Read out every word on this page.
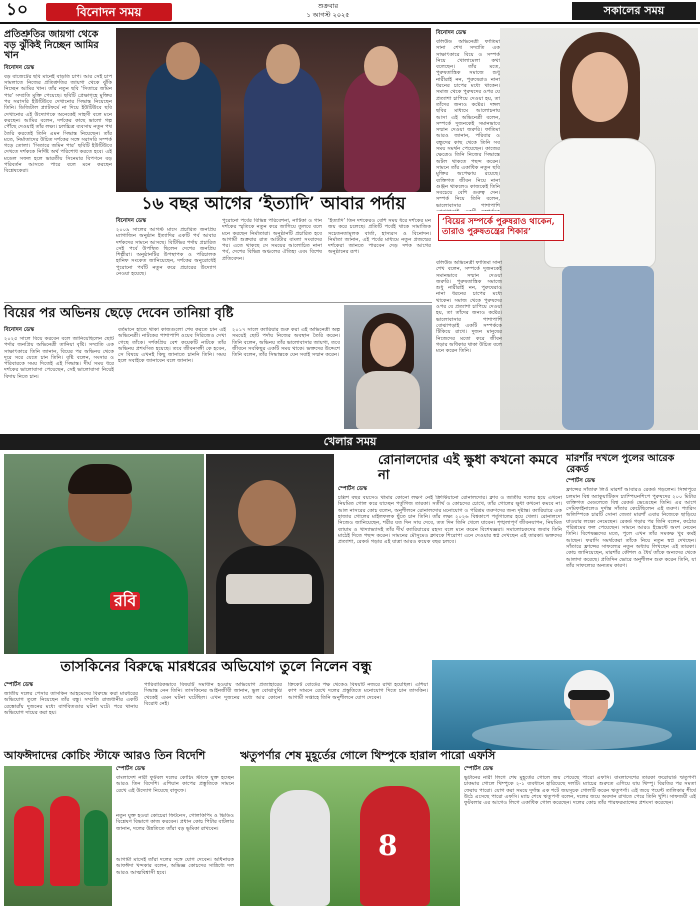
১০	বিনোদন সময়	শুক্রবার
১ আগস্ট ২০২৫	সকালের সময়
প্রতিশ্রুতির জায়গা থেকে বড় ঝুঁকিই নিচ্ছেন আমির খান
বিনোদন ডেস্ক
বড় বাজেটের ছবি মানেই বাড়তি চাপ। আর সেই চাপ সামলাতে নিজের প্রতিশ্রুতির জায়গা থেকে ঝুঁকি নিচ্ছেন আমির খান। তাঁর নতুন ছবি ‘সিতারে জমিন পার’ সম্প্রতি মুক্তি পেয়েছে। ছবিটি প্রেক্ষাগৃহে মুক্তির পর সরাসরি ইউটিউবে দেখানোর সিদ্ধান্ত নিয়েছেন তিনি। ডিজিটাল প্ল্যাটফর্মে না দিয়ে ইউটিউবে ছবি দেখানোর এই উদ্যোগকে অনেকেই সাহসী বলে মনে করছেন। আমির বলেন, দর্শকের কাছে ভালো গল্প পৌঁছে দেওয়াই তাঁর লক্ষ্য। চলচ্চিত্র ব্যবসায় নতুন পথ তৈরি করতেই তিনি এমন সিদ্ধান্ত নিয়েছেন। তাঁর মতে, নির্মাতাদের উচিত দর্শকের সঙ্গে সরাসরি সম্পর্ক গড়ে তোলা। ‘সিতারে জমিন পার’ ছবিটি ইউটিউবে দেখতে দর্শককে নির্দিষ্ট অর্থ পরিশোধ করতে হবে। এই মডেল সফল হলে ভারতীয় সিনেমার বিপণনে বড় পরিবর্তন আসতে পারে বলে মনে করছেন বিশ্লেষকেরা।
১৬ বছর আগের ‘ইত্যাদি’ আবার পর্দায়
বিনোদন ডেস্ক
২০০৯ সালের আগস্ট মাসে প্রচারিত জনপ্রিয় ম্যাগাজিন অনুষ্ঠান ইত্যাদির একটি পর্ব আবার দর্শকদের সামনে আসছে। বিটিভির পর্দায় প্রচারিত সেই পর্বে উপস্থিত ছিলেন দেশের জনপ্রিয় শিল্পীরা। অনুষ্ঠানটির উপস্থাপক ও পরিচালক হানিফ সংকেত জানিয়েছেন, দর্শকের অনুরোধেই পুরোনো পর্বটি নতুন করে প্রচারের উদ্যোগ নেওয়া হয়েছে।
পুরোনো পর্বের বিভিন্ন পরিবেশনা, নাটিকা ও গান দর্শকের স্মৃতিকে নতুন করে জাগিয়ে তুলবে বলে মনে করছেন নির্মাতারা। অনুষ্ঠানটি প্রচারিত হবে আগামী শুক্রবার রাত আটটার বাংলা সংবাদের পর। এতে থাকছে সে সময়ের আলোচিত নানা পর্ব, দেশের বিভিন্ন অঞ্চলের ঐতিহ্য এবং বিশেষ প্রতিবেদন।
‘ইত্যাদি’ তিন দশকেরও বেশি সময় ধরে দর্শকের মন জয় করে চলেছে। প্রতিটি পর্বেই থাকে সামাজিক সচেতনতামূলক বার্তা, হাস্যরস ও বিনোদন। নির্মাতা জানান, এই পর্বের মাধ্যমে নতুন প্রজন্মের দর্শকেরা জানতে পারবেন দেড় দশক আগের অনুষ্ঠানের রূপ।
বিনোদন ডেস্ক
বলিউড অভিনেত্রী ফাতিমা সানা শেখ সম্প্রতি এক সাক্ষাৎকারে বিয়ে ও সম্পর্ক নিয়ে খোলামেলা কথা বলেছেন। তাঁর মতে, পুরুষতান্ত্রিক সমাজে শুধু নারীরাই নন, পুরুষেরাও নানা ধরনের চাপের মধ্যে থাকেন। সমাজ থেকে পুরুষদের ওপর যে প্রত্যাশা চাপিয়ে দেওয়া হয়, তা তাঁদের জন্যও কষ্টের। দঙ্গল ছবির মাধ্যমে আলোচনায় আসা এই অভিনেত্রী বলেন, সম্পর্কে দুজনকেই সমানভাবে সম্মান দেওয়া জরুরি। ফাতিমা আরও জানান, পরিবার ও বন্ধুদের কাছ থেকে তিনি সব সময় সমর্থন পেয়েছেন। কাজের ক্ষেত্রেও তিনি নিজের সিদ্ধান্তে অটল থাকতে পছন্দ করেন। সামনে তাঁর একাধিক নতুন ছবি মুক্তির অপেক্ষায় রয়েছে। ব্যক্তিগত জীবন নিয়ে নানা গুঞ্জন থাকলেও কাজকেই তিনি সবচেয়ে বেশি গুরুত্ব দেন। সম্পর্ক নিয়ে তিনি বলেন, ভালোবাসার পাশাপাশি
‘বিয়ের সম্পর্কে পুরুষরাও থাকেন, তারাও পুরুষতন্ত্রের শিকার’
বলিউড অভিনেত্রী ফাতিমা সানা শেখ বলেন, সম্পর্কে দুজনকেই সমানভাবে সম্মান দেওয়া জরুরি। পুরুষতান্ত্রিক সমাজে শুধু নারীরাই নন, পুরুষেরাও নানা ধরনের চাপের মধ্যে থাকেন। সমাজ থেকে পুরুষদের ওপর যে প্রত্যাশা চাপিয়ে দেওয়া হয়, তা তাঁদের জন্যও কষ্টের। ভালোবাসার পাশাপাশি বোঝাপড়াই একটি সম্পর্ককে টিকিয়ে রাখে। দুজন মানুষের নিজেদের মতো করে জীবন গড়ার অধিকার থাকা উচিত বলে মনে করেন তিনি।
বিয়ের পর অভিনয় ছেড়ে দেবেন তানিয়া বৃষ্টি
বিনোদন ডেস্ক
২০২৫ সালে বিয়ে করবেন বলে জানিয়েছিলেন ছোট পর্দার জনপ্রিয় অভিনেত্রী তানিয়া বৃষ্টি। সম্প্রতি এক সাক্ষাৎকারে তিনি জানান, বিয়ের পর অভিনয় থেকে দূরে সরে যেতে চান তিনি। বৃষ্টি বলেন, সংসার ও পরিবারকে সময় দিতেই এই সিদ্ধান্ত। দীর্ঘ সময় ধরে দর্শকের ভালোবাসা পেয়েছেন, সেই ভালোবাসা নিয়েই বিদায় নিতে চান।
বর্তমানে হাতে থাকা কাজগুলো শেষ করতে চান এই অভিনেত্রী। নাটকের পাশাপাশি ওয়েব সিরিজেও দেখা গেছে তাঁকে। দর্শকপ্রিয় বেশ কয়েকটি নাটকে তাঁর অভিনয় প্রশংসিত হয়েছে। তবে জীবনসঙ্গী কে হবেন, সে বিষয়ে এখনই কিছু জানাতে চাননি তিনি। সময় হলে সবাইকে জানাবেন বলে জানান।
২০১৭ সালে ক্যারিয়ার শুরু করা এই অভিনেত্রী অল্প সময়েই ছোট পর্দায় নিজের অবস্থান তৈরি করেন। তিনি বলেন, অভিনয় তাঁর ভালোবাসার জায়গা, তবে জীবনে সবকিছুর একটি সময় থাকে। ভক্তদের উদ্দেশে তিনি বলেন, তাঁর সিদ্ধান্তকে যেন সবাই সম্মান করেন।
খেলার সময়
রবি
রোনালদোর এই ক্ষুধা কখনো কমবে না
স্পোর্টস ডেস্ক
চল্লিশ বছর বয়সেও থামার কোনো লক্ষণ নেই ক্রিস্টিয়ানো রোনালদোর। ক্লাব ও জাতীয় দলের হয়ে এখনো নিয়মিত গোল করে যাচ্ছেন পর্তুগিজ তারকা। সতীর্থ ও কোচদের চোখে, তাঁর গোলের ক্ষুধা কখনো কমবে না। আল নাসরের কোচ বলেন, অনুশীলনে রোনালদোর মনোযোগ ও পরিশ্রম তরুণদের জন্য দৃষ্টান্ত। ক্যারিয়ারে এক হাজার গোলের মাইলফলক ছুঁতে চান তিনি। তাঁর লক্ষ্য ২০২৬ বিশ্বকাপে পর্তুগালের হয়ে খেলা। রোনালদো নিজেও জানিয়েছেন, শরীর যত দিন সায় দেবে, তত দিন তিনি খেলে যাবেন। শৃঙ্খলাপূর্ণ জীবনযাপন, নিয়মিত ব্যায়াম ও খাদ্যাভ্যাসই তাঁর দীর্ঘ ক্যারিয়ারের রহস্য বলে মনে করেন বিশেষজ্ঞরা। সমালোচকদের জবাব তিনি মাঠেই দিতে পছন্দ করেন। সামনের মৌসুমেও ক্লাবকে শিরোপা এনে দেওয়ার স্বপ্ন দেখছেন এই তারকা। ভক্তদের প্রত্যাশা, রেকর্ড গড়ার এই যাত্রা আরও কয়েক বছর চলবে।
মারশাঁর দখলে পুলের আরেক রেকর্ড
স্পোর্টস ডেস্ক
ফ্রান্সের সাঁতারু লিওঁ মারশাঁ আবারও রেকর্ড গড়লেন। সিঙ্গাপুরে চলমান বিশ্ব অ্যাকুয়াটিকস চ্যাম্পিয়নশিপে পুরুষদের ২০০ মিটার ব্যক্তিগত মেডলেতে বিশ্ব রেকর্ড ভেঙেছেন তিনি। এর আগে সেমিফাইনালেও দুর্দান্ত সাঁতার কেটেছিলেন এই তরুণ। প্যারিস অলিম্পিকে চারটি সোনা জেতা মারশাঁ এবার নিজেকে ছাড়িয়ে যাওয়ার লক্ষ্যে নেমেছেন। রেকর্ড গড়ার পর তিনি বলেন, কঠোর পরিশ্রমের ফল পেয়েছেন। সামনে আরও ইভেন্টে অংশ নেবেন তিনি। বিশেষজ্ঞদের মতে, পুলে এখন তাঁর সমকক্ষ খুব কমই আছেন। ফরাসি সমর্থকেরা তাঁকে নিয়ে নতুন স্বপ্ন দেখছেন। সাঁতারে ফ্রান্সের সাফল্যের নতুন অধ্যায় লিখছেন এই তারকা। কোচ জানিয়েছেন, মারশাঁর কৌশল ও ধৈর্য তাঁকে অন্যদের থেকে আলাদা করেছে। প্রতিদিন ভোরে অনুশীলন শুরু করেন তিনি, যা তাঁর সাফল্যের অন্যতম কারণ।
তাসকিনের বিরুদ্ধে মারধরের অভিযোগ তুলে নিলেন বন্ধু
স্পোর্টস ডেস্ক
জাতীয় দলের পেসার তাসকিন আহমেদের বিরুদ্ধে করা মারধরের অভিযোগ তুলে নিয়েছেন তাঁর বন্ধু। সম্প্রতি রাজধানীর একটি রেস্তোরাঁয় দুজনের মধ্যে বাগবিতণ্ডার ঘটনা ঘটে। পরে থানায় অভিযোগ দায়ের করা হয়।
পারিবারিকভাবে বিষয়টি সমাধান হওয়ায় অভিযোগ প্রত্যাহারের সিদ্ধান্ত নেন তিনি। তাসকিনের আইনজীবী জানান, ভুল বোঝাবুঝি থেকেই এমন ঘটনা ঘটেছিল। এখন দুজনের মধ্যে আর কোনো বিরোধ নেই।
ক্রিকেট বোর্ডের পক্ষ থেকেও বিষয়টি নজরে রাখা হয়েছিল। এশিয়া কাপ সামনে রেখে দলের প্রস্তুতিতে মনোযোগ দিতে চান তাসকিন। আগামী সপ্তাহে তিনি অনুশীলনে যোগ দেবেন।
আফঈদাদের কোচিং স্টাফে আরও তিন বিদেশি
স্পোর্টস ডেস্ক
বাংলাদেশ নারী ফুটবল দলের কোচিং স্টাফে যুক্ত হচ্ছেন আরও তিন বিদেশি। এশিয়ান কাপের প্রস্তুতিকে সামনে রেখে এই উদ্যোগ নিয়েছে বাফুফে।
নতুন যুক্ত হওয়া কোচেরা ফিটনেস, গোলকিপিং ও ভিডিও বিশ্লেষণ বিভাগে কাজ করবেন। প্রধান কোচ পিটার বাটলার জানান, দলের উন্নতিতে তাঁরা বড় ভূমিকা রাখবেন।
আগামী মাসেই তাঁরা দলের সঙ্গে যোগ দেবেন। অধিনায়ক আফঈদা খন্দকার বলেন, অভিজ্ঞ কোচদের সান্নিধ্যে দল আরও আত্মবিশ্বাসী হবে।
ঋতুপর্ণার শেষ মুহূর্তের গোলে থিম্পুকে হারাল পারো এফসি
8
স্পোর্টস ডেস্ক
ভুটানের নারী লিগে শেষ মুহূর্তের গোলে জয় পেয়েছে পারো এফসি। বাংলাদেশের তারকা ফরোয়ার্ড ঋতুপর্ণা চাকমার গোলে থিম্পুকে ২-১ ব্যবধানে হারিয়েছে দলটি। ম্যাচের শুরুতে এগিয়ে যায় থিম্পু। বিরতির পর সমতা ফেরায় পারো। যোগ করা সময়ে দুর্দান্ত এক শটে জয়সূচক গোলটি করেন ঋতুপর্ণা। এই জয়ে পয়েন্ট তালিকার শীর্ষে উঠে এসেছে পারো এফসি। ম্যাচ শেষে ঋতুপর্ণা বলেন, দলের জয়ে অবদান রাখতে পেরে তিনি খুশি। সাফজয়ী এই ফুটবলার এর আগেও লিগে একাধিক গোল করেছেন। দলের কোচ তাঁর পারফরম্যান্সের প্রশংসা করেছেন।
